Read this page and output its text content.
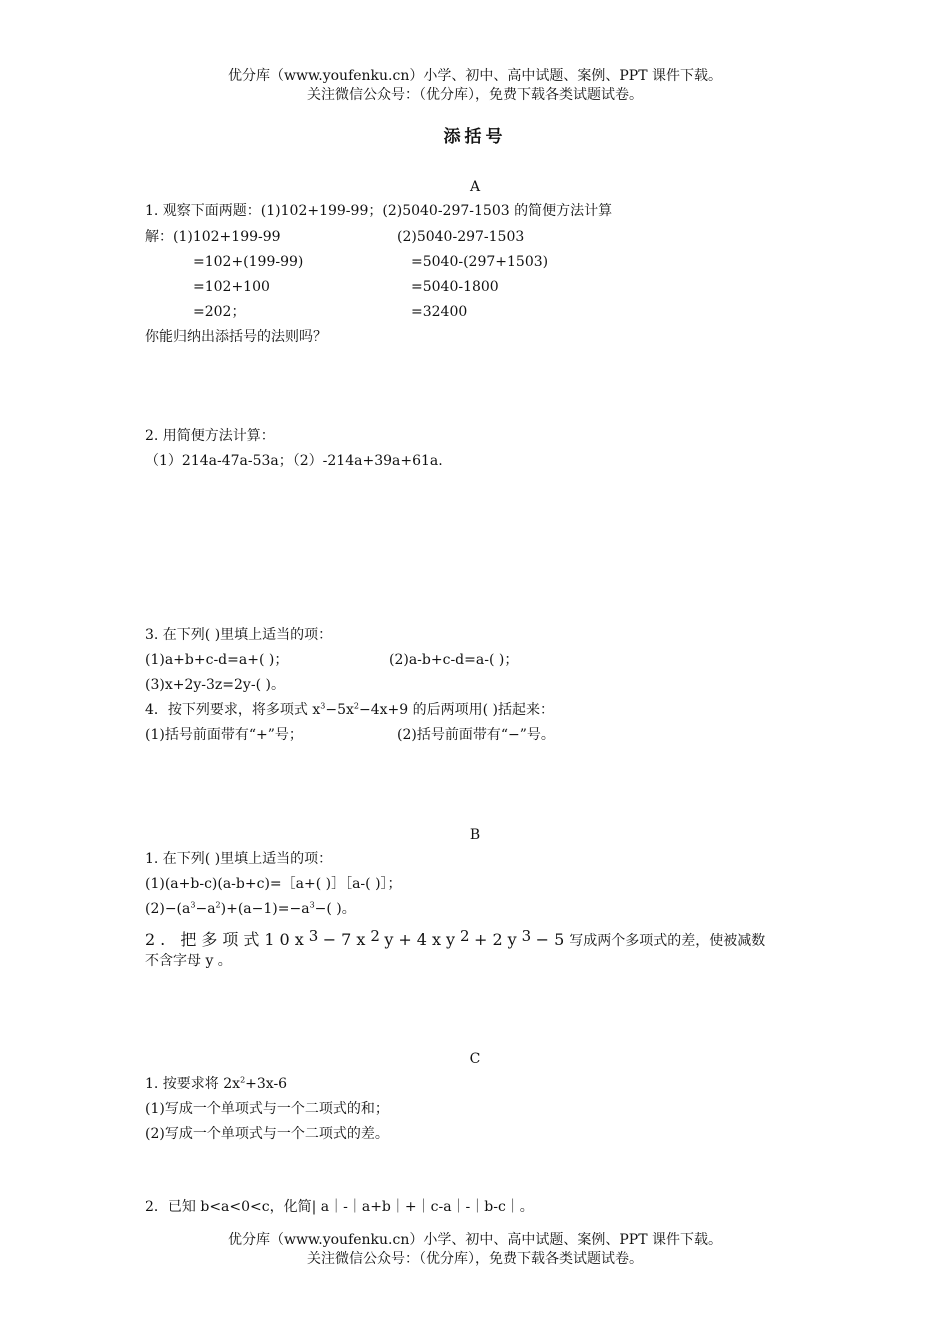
优分库（www.youfenku.cn）小学、初中、高中试题、案例、PPT 课件下载。
关注微信公众号：（优分库），免费下载各类试题试卷。
添括号
A
1. 观察下面两题：(1)102+199-99；(2)5040-297-1503 的简便方法计算
解：(1)102+199-99
=102+(199-99)
=102+100
=202；
(2)5040-297-1503
=5040-(297+1503)
=5040-1800
=32400
你能归纳出添括号的法则吗？
2. 用简便方法计算：
（1）214a-47a-53a；（2）-214a+39a+61a.
3. 在下列( )里填上适当的项：
(1)a+b+c-d=a+( )；	(2)a-b+c-d=a-( )；
(3)x+2y-3z=2y-( )。
4．按下列要求，将多项式 $x^3-5x^2-4x+9$ 的后两项用( )括起来：
(1)括号前面带有“+”号；	(2)括号前面带有“−”号。
B
1. 在下列( )里填上适当的项：
(1)(a+b-c)(a-b+c)=［a+( )］［a-( )］；
$(2)-(a^3-a^2)+(a-1)=-a^3-$( )。
2. 把多项式10x3 −7x2 y+4xy2 +2y3 −5写成两个多项式的差，使被减数
不含字母 y 。
C
1. 按要求将 $2x^2+3x-6$
(1)写成一个单项式与一个二项式的和；
(2)写成一个单项式与一个二项式的差。
2．已知 b<a<0<c，化简| a｜-｜a+b｜+｜c-a｜-｜b-c｜。
优分库（www.youfenku.cn）小学、初中、高中试题、案例、PPT 课件下载。
关注微信公众号：（优分库），免费下载各类试题试卷。
